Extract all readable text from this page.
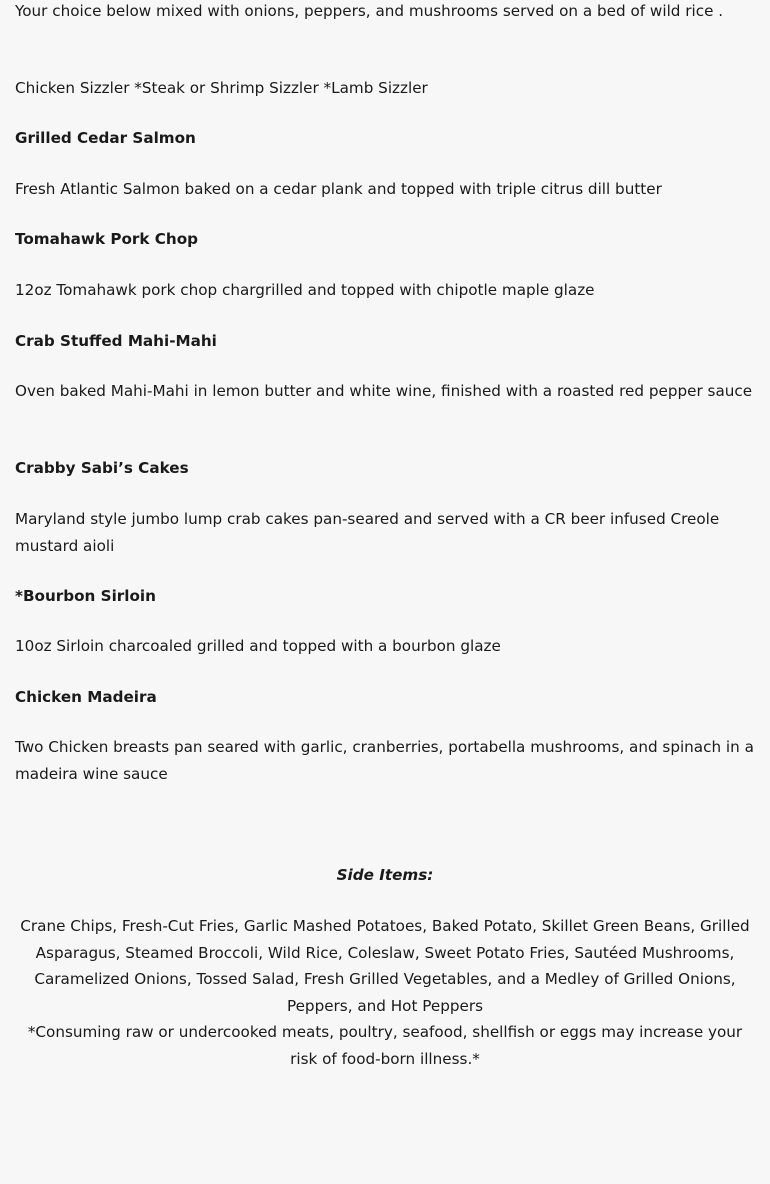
Your choice below mixed with onions, peppers, and mushrooms served on a bed of wild rice .

Chicken Sizzler *Steak or Shrimp Sizzler *Lamb Sizzler

Grilled Cedar Salmon

Fresh Atlantic Salmon baked on a cedar plank and topped with triple citrus dill butter

Tomahawk Pork Chop

12oz Tomahawk pork chop chargrilled and topped with chipotle maple glaze

Crab Stuffed Mahi-Mahi

Oven baked Mahi-Mahi in lemon butter and white wine, finished with a roasted red pepper sauce

Crabby Sabi’s Cakes

Maryland style jumbo lump crab cakes pan-seared and served with a CR beer infused Creole mustard aioli

*Bourbon Sirloin

10oz Sirloin charcoaled grilled and topped with a bourbon glaze

Chicken Madeira

Two Chicken breasts pan seared with garlic, cranberries, portabella mushrooms, and spinach in a madeira wine sauce

Side Items:

Crane Chips, Fresh-Cut Fries, Garlic Mashed Potatoes, Baked Potato, Skillet Green Beans, Grilled Asparagus, Steamed Broccoli, Wild Rice, Coleslaw, Sweet Potato Fries, Sautéed Mushrooms, Caramelized Onions, Tossed Salad, Fresh Grilled Vegetables, and a Medley of Grilled Onions, Peppers, and Hot Peppers

*Consuming raw or undercooked meats, poultry, seafood, shellfish or eggs may increase your risk of food-born illness.*
